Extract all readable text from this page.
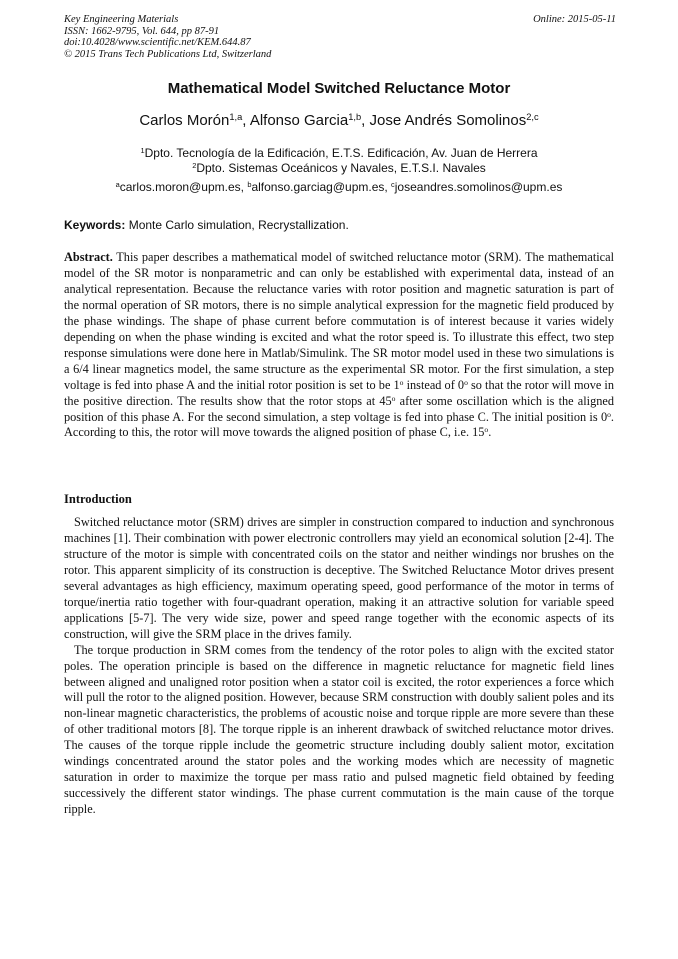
Key Engineering Materials
ISSN: 1662-9795, Vol. 644, pp 87-91
doi:10.4028/www.scientific.net/KEM.644.87
© 2015 Trans Tech Publications Ltd, Switzerland
Online: 2015-05-11
Mathematical Model Switched Reluctance Motor
Carlos Morón$^{1,a}$, Alfonso Garcia$^{1,b}$, Jose Andrés Somolinos$^{2,c}$
$^1$Dpto. Tecnología de la Edificación, E.T.S. Edificación, Av. Juan de Herrera
$^2$Dpto. Sistemas Oceánicos y Navales, E.T.S.I. Navales
$^a$carlos.moron@upm.es, $^b$alfonso.garciag@upm.es, $^c$joseandres.somolinos@upm.es
Keywords: Monte Carlo simulation, Recrystallization.
Abstract. This paper describes a mathematical model of switched reluctance motor (SRM). The mathematical model of the SR motor is nonparametric and can only be established with experimental data, instead of an analytical representation. Because the reluctance varies with rotor position and magnetic saturation is part of the normal operation of SR motors, there is no simple analytical expression for the magnetic field produced by the phase windings. The shape of phase current before commutation is of interest because it varies widely depending on when the phase winding is excited and what the rotor speed is. To illustrate this effect, two step response simulations were done here in Matlab/Simulink. The SR motor model used in these two simulations is a 6/4 linear magnetics model, the same structure as the experimental SR motor. For the first simulation, a step voltage is fed into phase A and the initial rotor position is set to be 1$^o$ instead of 0$^o$ so that the rotor will move in the positive direction. The results show that the rotor stops at 45$^o$ after some oscillation which is the aligned position of this phase A. For the second simulation, a step voltage is fed into phase C. The initial position is 0$^o$. According to this, the rotor will move towards the aligned position of phase C, i.e. 15$^o$.
Introduction

Switched reluctance motor (SRM) drives are simpler in construction compared to induction and synchronous machines [1]. Their combination with power electronic controllers may yield an economical solution [2-4]. The structure of the motor is simple with concentrated coils on the stator and neither windings nor brushes on the rotor. This apparent simplicity of its construction is deceptive. The Switched Reluctance Motor drives present several advantages as high efficiency, maximum operating speed, good performance of the motor in terms of torque/inertia ratio together with four-quadrant operation, making it an attractive solution for variable speed applications [5-7]. The very wide size, power and speed range together with the economic aspects of its construction, will give the SRM place in the drives family.

The torque production in SRM comes from the tendency of the rotor poles to align with the excited stator poles. The operation principle is based on the difference in magnetic reluctance for magnetic field lines between aligned and unaligned rotor position when a stator coil is excited, the rotor experiences a force which will pull the rotor to the aligned position. However, because SRM construction with doubly salient poles and its non-linear magnetic characteristics, the problems of acoustic noise and torque ripple are more severe than these of other traditional motors [8]. The torque ripple is an inherent drawback of switched reluctance motor drives. The causes of the torque ripple include the geometric structure including doubly salient motor, excitation windings concentrated around the stator poles and the working modes which are necessity of magnetic saturation in order to maximize the torque per mass ratio and pulsed magnetic field obtained by feeding successively the different stator windings. The phase current commutation is the main cause of the torque ripple.
